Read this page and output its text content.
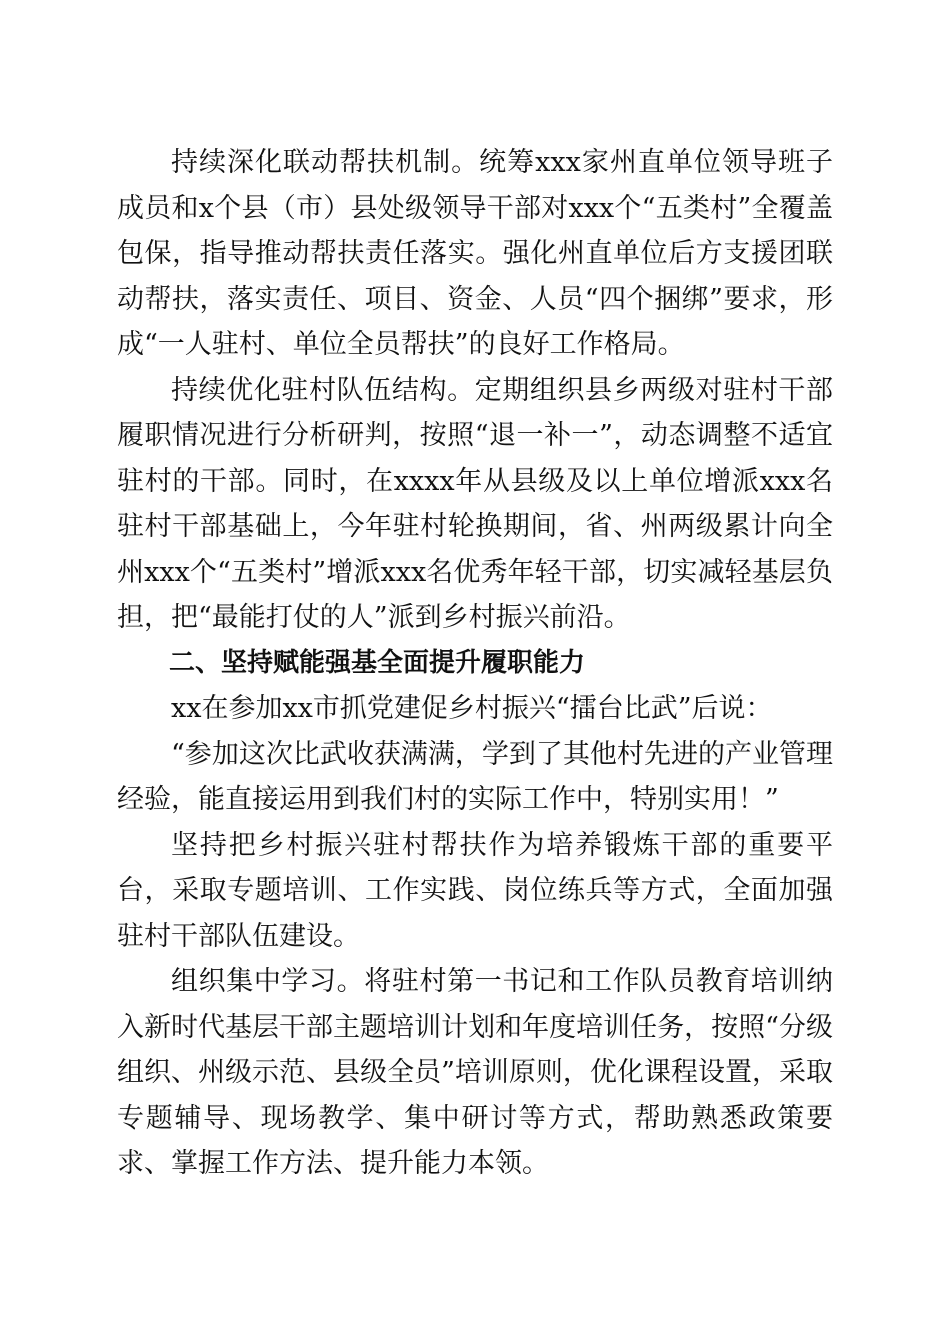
持续深化联动帮扶机制。统筹xxx家州直单位领导班子成员和x个县（市）县处级领导干部对xxx个“五类村”全覆盖包保，指导推动帮扶责任落实。强化州直单位后方支援团联动帮扶，落实责任、项目、资金、人员“四个捆绑”要求，形成“一人驻村、单位全员帮扶”的良好工作格局。

持续优化驻村队伍结构。定期组织县乡两级对驻村干部履职情况进行分析研判，按照“退一补一”，动态调整不适宜驻村的干部。同时，在xxxx年从县级及以上单位增派xxx名驻村干部基础上，今年驻村轮换期间，省、州两级累计向全州xxx个“五类村”增派xxx名优秀年轻干部，切实减轻基层负担，把“最能打仗的人”派到乡村振兴前沿。

二、坚持赋能强基全面提升履职能力

xx在参加xx市抓党建促乡村振兴“擂台比武”后说：

“参加这次比武收获满满，学到了其他村先进的产业管理经验，能直接运用到我们村的实际工作中，特别实用！”

坚持把乡村振兴驻村帮扶作为培养锻炼干部的重要平台，采取专题培训、工作实践、岗位练兵等方式，全面加强驻村干部队伍建设。

组织集中学习。将驻村第一书记和工作队员教育培训纳入新时代基层干部主题培训计划和年度培训任务，按照“分级组织、州级示范、县级全员”培训原则，优化课程设置，采取专题辅导、现场教学、集中研讨等方式，帮助熟悉政策要求、掌握工作方法、提升能力本领。
